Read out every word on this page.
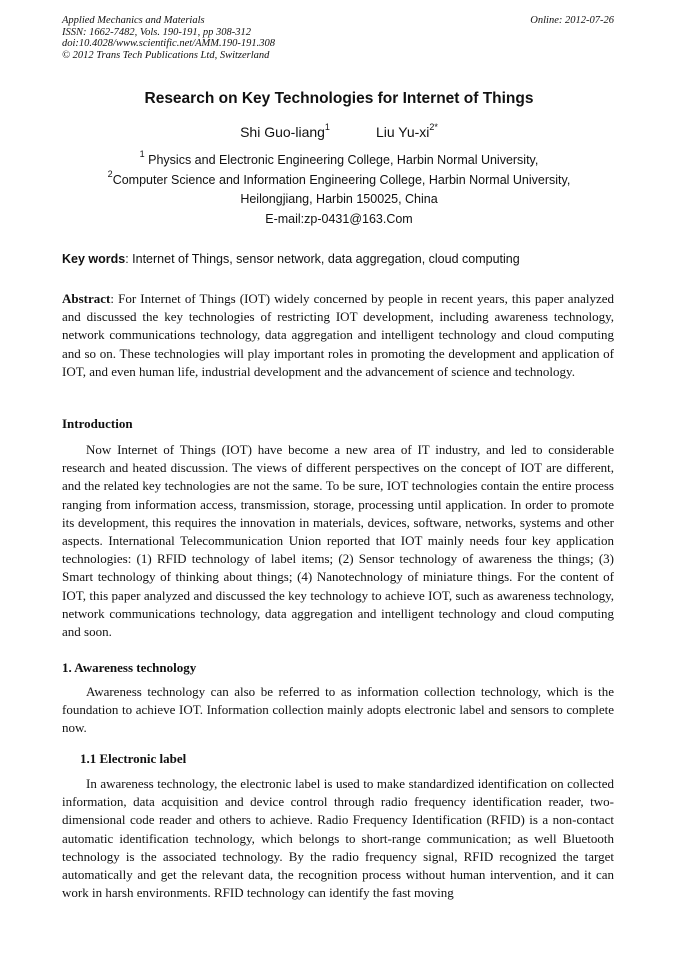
Applied Mechanics and Materials
ISSN: 1662-7482, Vols. 190-191, pp 308-312
doi:10.4028/www.scientific.net/AMM.190-191.308
© 2012 Trans Tech Publications Ltd, Switzerland
Online: 2012-07-26
Research on Key Technologies for Internet of Things
Shi Guo-liang$^1$	Liu $Yu-xi^{2*}$
$^1$ Physics and Electronic Engineering College, Harbin Normal University,
$^2$Computer Science and Information Engineering College, Harbin Normal University,
Heilongjiang, Harbin 150025, China
E-mail:zp-0431@163.Com
Key words: Internet of Things, sensor network, data aggregation, cloud computing
Abstract: For Internet of Things (IOT) widely concerned by people in recent years, this paper analyzed and discussed the key technologies of restricting IOT development, including awareness technology, network communications technology, data aggregation and intelligent technology and cloud computing and so on. These technologies will play important roles in promoting the development and application of IOT, and even human life, industrial development and the advancement of science and technology.
Introduction
Now Internet of Things (IOT) have become a new area of IT industry, and led to considerable research and heated discussion. The views of different perspectives on the concept of IOT are different, and the related key technologies are not the same. To be sure, IOT technologies contain the entire process ranging from information access, transmission, storage, processing until application. In order to promote its development, this requires the innovation in materials, devices, software, networks, systems and other aspects. International Telecommunication Union reported that IOT mainly needs four key application technologies: (1) RFID technology of label items; (2) Sensor technology of awareness the things; (3) Smart technology of thinking about things; (4) Nanotechnology of miniature things. For the content of IOT, this paper analyzed and discussed the key technology to achieve IOT, such as awareness technology, network communications technology, data aggregation and intelligent technology and cloud computing and soon.
1. Awareness technology
Awareness technology can also be referred to as information collection technology, which is the foundation to achieve IOT. Information collection mainly adopts electronic label and sensors to complete now.
1.1 Electronic label
In awareness technology, the electronic label is used to make standardized identification on collected information, data acquisition and device control through radio frequency identification reader, two-dimensional code reader and others to achieve. Radio Frequency Identification (RFID) is a non-contact automatic identification technology, which belongs to short-range communication; as well Bluetooth technology is the associated technology. By the radio frequency signal, RFID recognized the target automatically and get the relevant data, the recognition process without human intervention, and it can work in harsh environments. RFID technology can identify the fast moving
